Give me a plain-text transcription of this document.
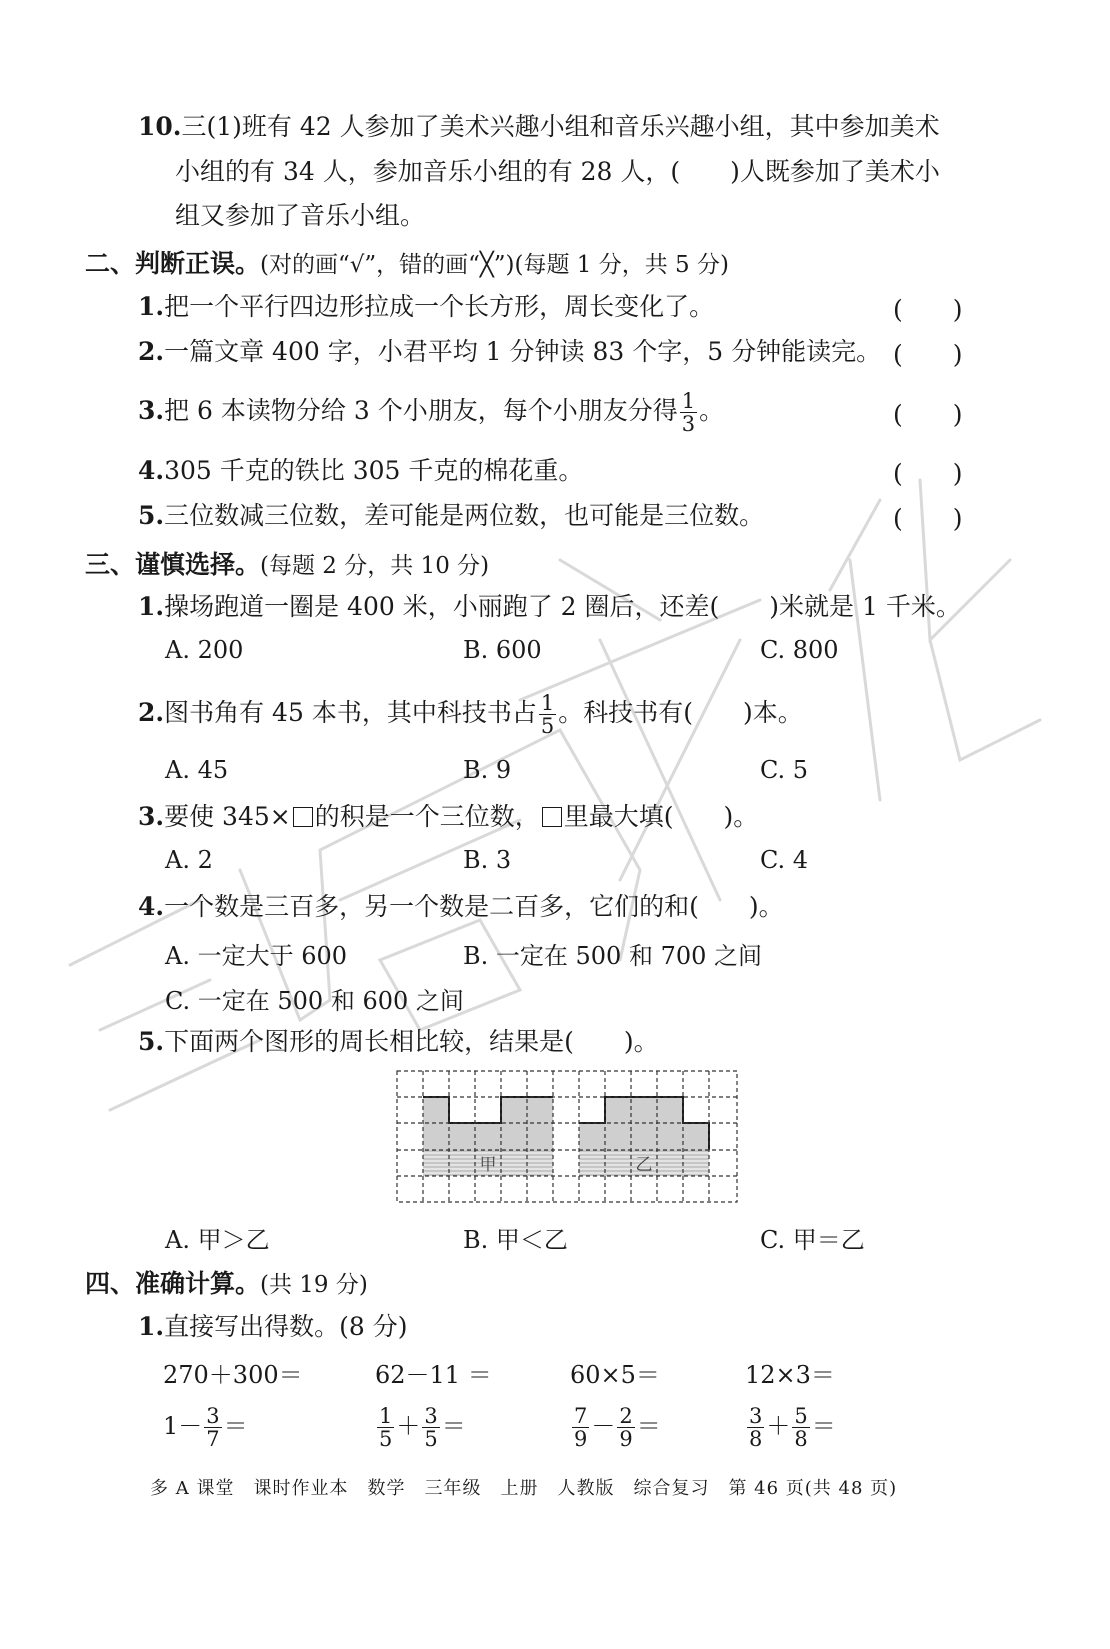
10.三(1)班有 42 人参加了美术兴趣小组和音乐兴趣小组，其中参加美术
小组的有 34 人，参加音乐小组的有 28 人，(　　)人既参加了美术小
组又参加了音乐小组。
二、判断正误。(对的画“√”，错的画“╳”)(每题 1 分，共 5 分)
1.把一个平行四边形拉成一个长方形，周长变化了。	(　　)
2.一篇文章 400 字，小君平均 1 分钟读 83 个字，5 分钟能读完。 (　　)
3.把 6 本读物分给 3 个小朋友，每个小朋友分得 $\frac{1}{3}$ 。	(　　)
4.305 千克的铁比 305 千克的棉花重。	(　　)
5.三位数减三位数，差可能是两位数，也可能是三位数。	(　　)
三、谨慎选择。(每题 2 分，共 10 分)
1.操场跑道一圈是 400 米，小丽跑了 2 圈后，还差(　　)米就是 1 千米。
A. 200	B. 600	C. 800
2.图书角有 45 本书，其中科技书占 $\frac{1}{5}$ 。科技书有(　　)本。
A. 45	B. 9	C. 5
3.要使 345× 的积是一个三位数， 里最大填(　　)。
A. 2	B. 3	C. 4
4.一个数是三百多，另一个数是二百多，它们的和(　　)。
A. 一定大于 600	B. 一定在 500 和 700 之间
C. 一定在 500 和 600 之间
5.下面两个图形的周长相比较，结果是(　　)。
甲	乙
A. 甲＞乙	B. 甲＜乙	C. 甲＝乙
四、准确计算。(共 19 分)
1.直接写出得数。(8 分)
270＋300＝	62－11 ＝	60×5＝	12×3＝
$1- \frac{3}{7}$ ＝	$\frac{1}{5} + \frac{3}{5}$ ＝	$\frac{7}{9} - \frac{2}{9}$ ＝	$\frac{3}{8} + \frac{5}{8}$ ＝
多 A 课堂　课时作业本　数学　三年级　上册　人教版　综合复习　第 46 页(共 48 页)
